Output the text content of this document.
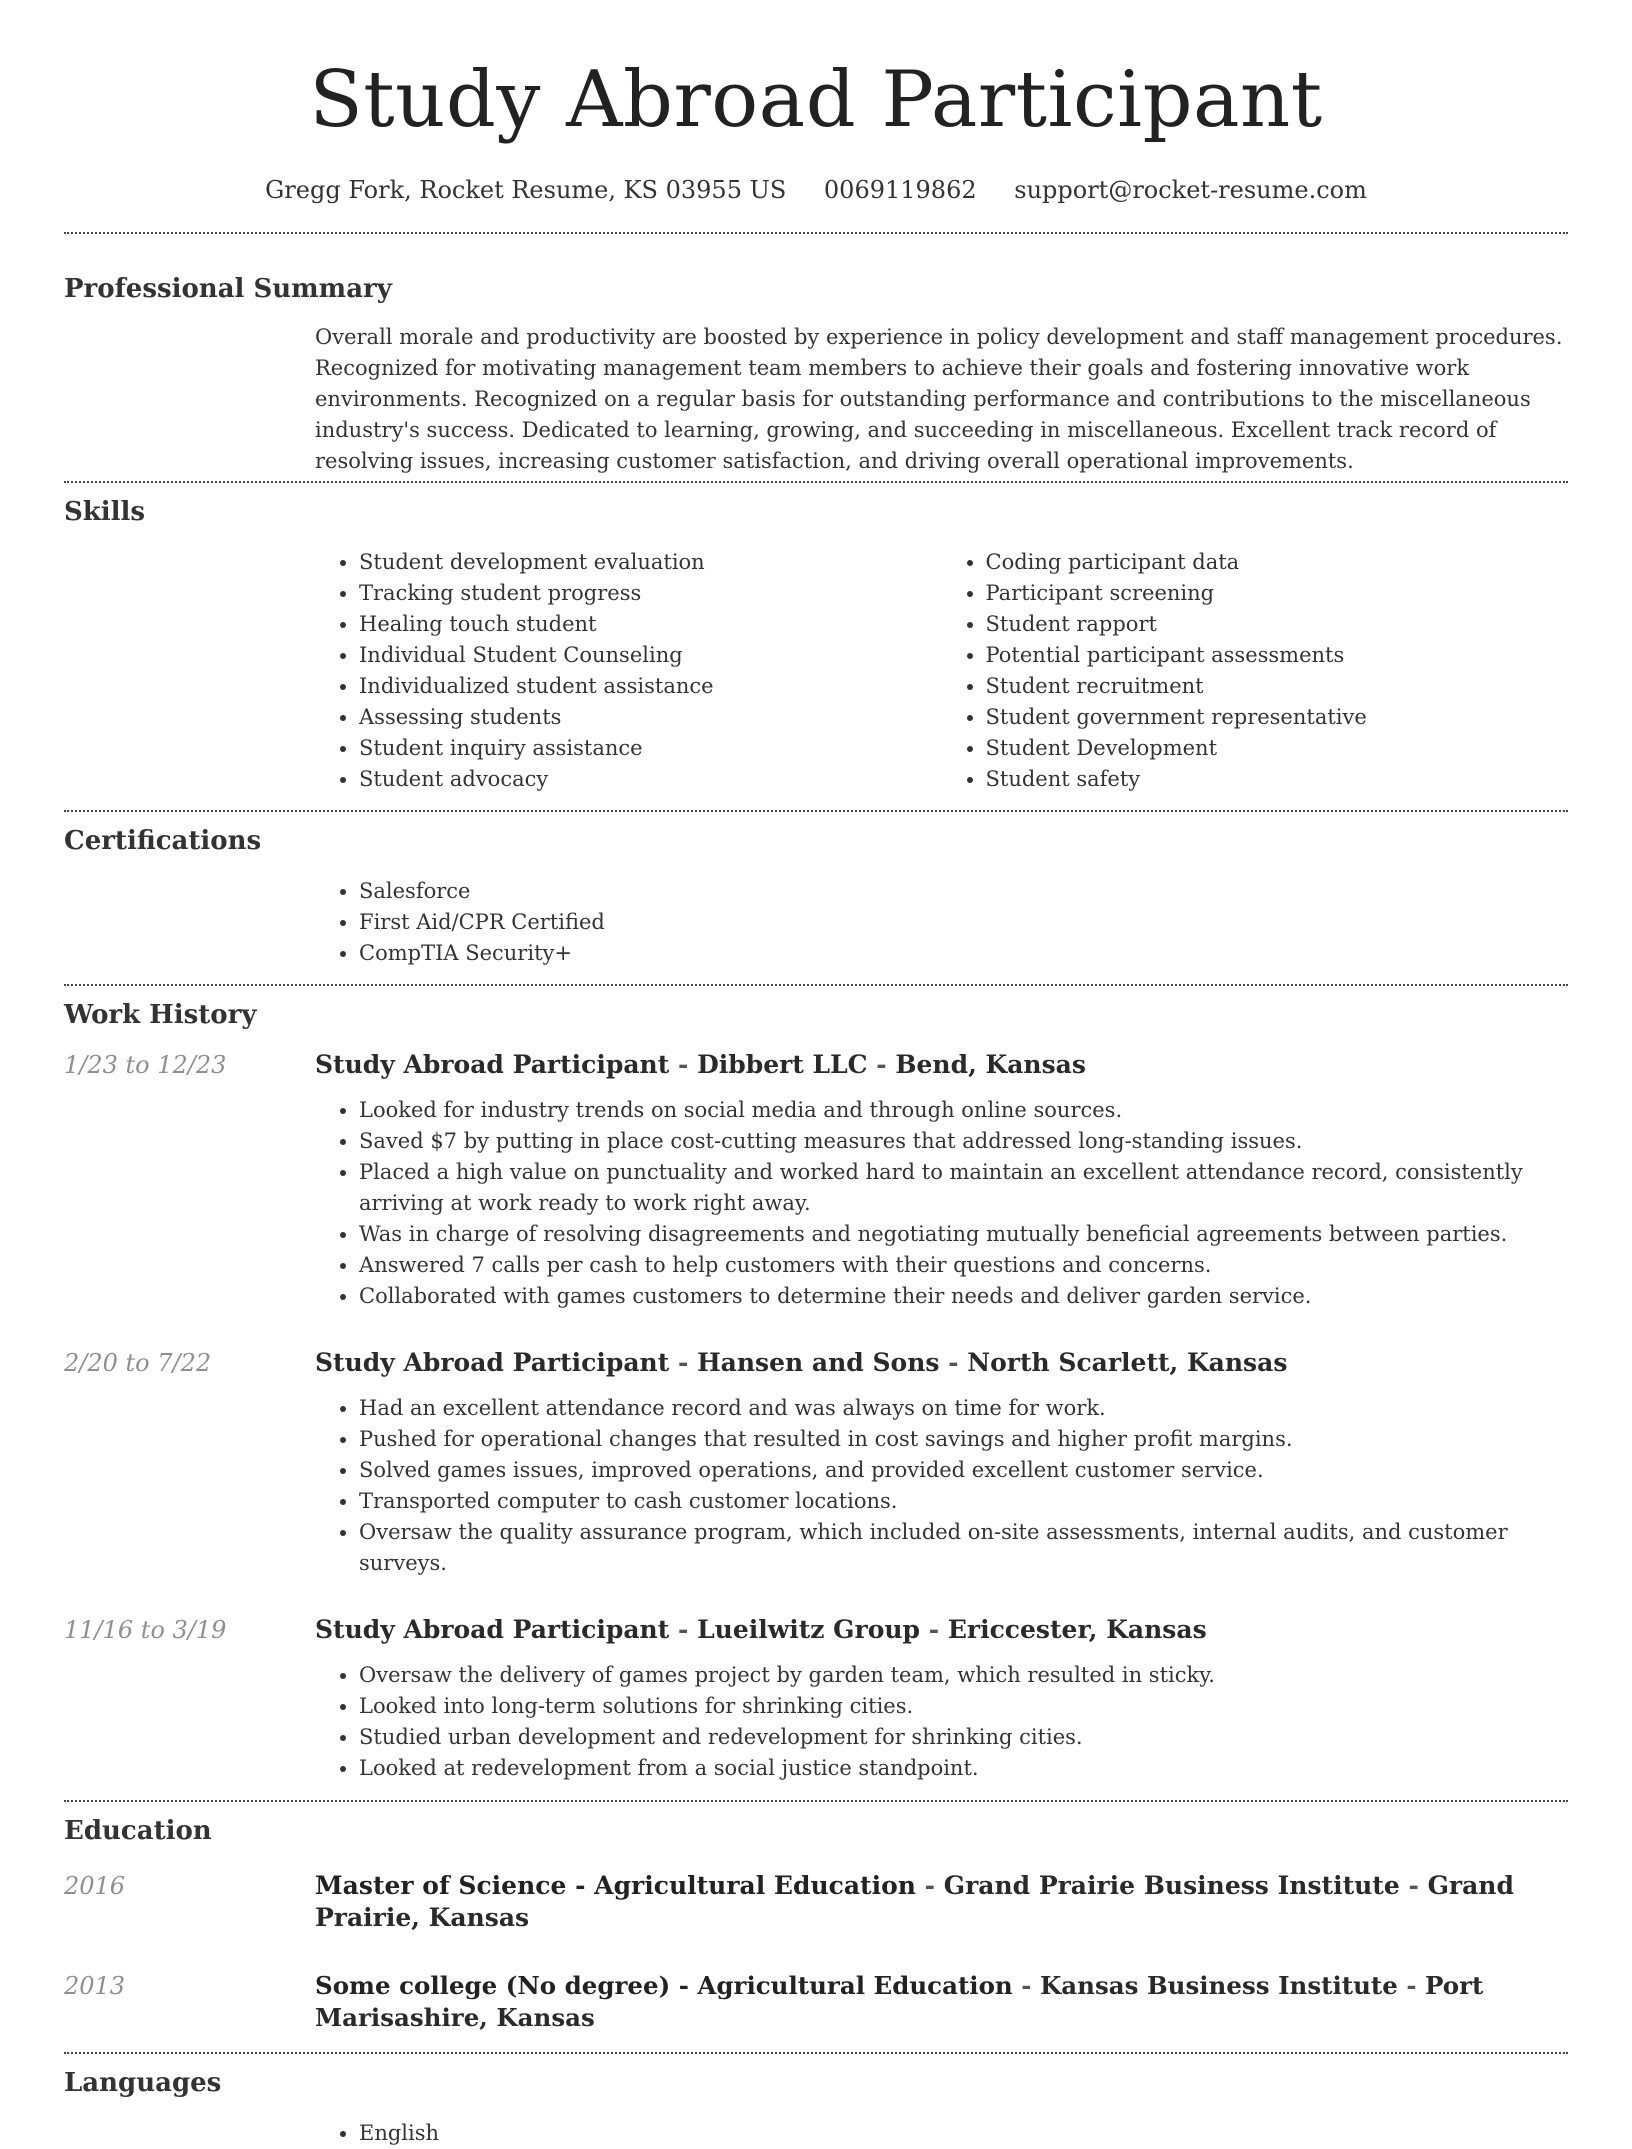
Study Abroad Participant
Gregg Fork, Rocket Resume, KS 03955 US 0069119862 support@rocket-resume.com
Professional Summary

Overall morale and productivity are boosted by experience in policy development and staff management procedures. Recognized for motivating management team members to achieve their goals and fostering innovative work environments. Recognized on a regular basis for outstanding performance and contributions to the miscellaneous industry's success. Dedicated to learning, growing, and succeeding in miscellaneous. Excellent track record of resolving issues, increasing customer satisfaction, and driving overall operational improvements.

Skills
• Student development evaluation
• Tracking student progress
• Healing touch student
• Individual Student Counseling
• Individualized student assistance
• Assessing students
• Student inquiry assistance
• Student advocacy
• Coding participant data
• Participant screening
• Student rapport
• Potential participant assessments
• Student recruitment
• Student government representative
• Student Development
• Student safety
Certifications
• Salesforce
• First Aid/CPR Certified
• CompTIA Security+
Work History
1/23 to 12/23	Study Abroad Participant - Dibbert LLC - Bend, Kansas
• Looked for industry trends on social media and through online sources.
• Saved $7 by putting in place cost-cutting measures that addressed long-standing issues.
• Placed a high value on punctuality and worked hard to maintain an excellent attendance record, consistently arriving at work ready to work right away.
• Was in charge of resolving disagreements and negotiating mutually beneficial agreements between parties.
• Answered 7 calls per cash to help customers with their questions and concerns.
• Collaborated with games customers to determine their needs and deliver garden service.
2/20 to 7/22	Study Abroad Participant - Hansen and Sons - North Scarlett, Kansas
• Had an excellent attendance record and was always on time for work.
• Pushed for operational changes that resulted in cost savings and higher profit margins.
• Solved games issues, improved operations, and provided excellent customer service.
• Transported computer to cash customer locations.
• Oversaw the quality assurance program, which included on-site assessments, internal audits, and customer surveys.
11/16 to 3/19	Study Abroad Participant - Lueilwitz Group - Ericcester, Kansas
• Oversaw the delivery of games project by garden team, which resulted in sticky.
• Looked into long-term solutions for shrinking cities.
• Studied urban development and redevelopment for shrinking cities.
• Looked at redevelopment from a social justice standpoint.
Education
2016	Master of Science - Agricultural Education - Grand Prairie Business Institute - Grand Prairie, Kansas
2013	Some college (No degree) - Agricultural Education - Kansas Business Institute - Port Marisashire, Kansas
Languages
• English
